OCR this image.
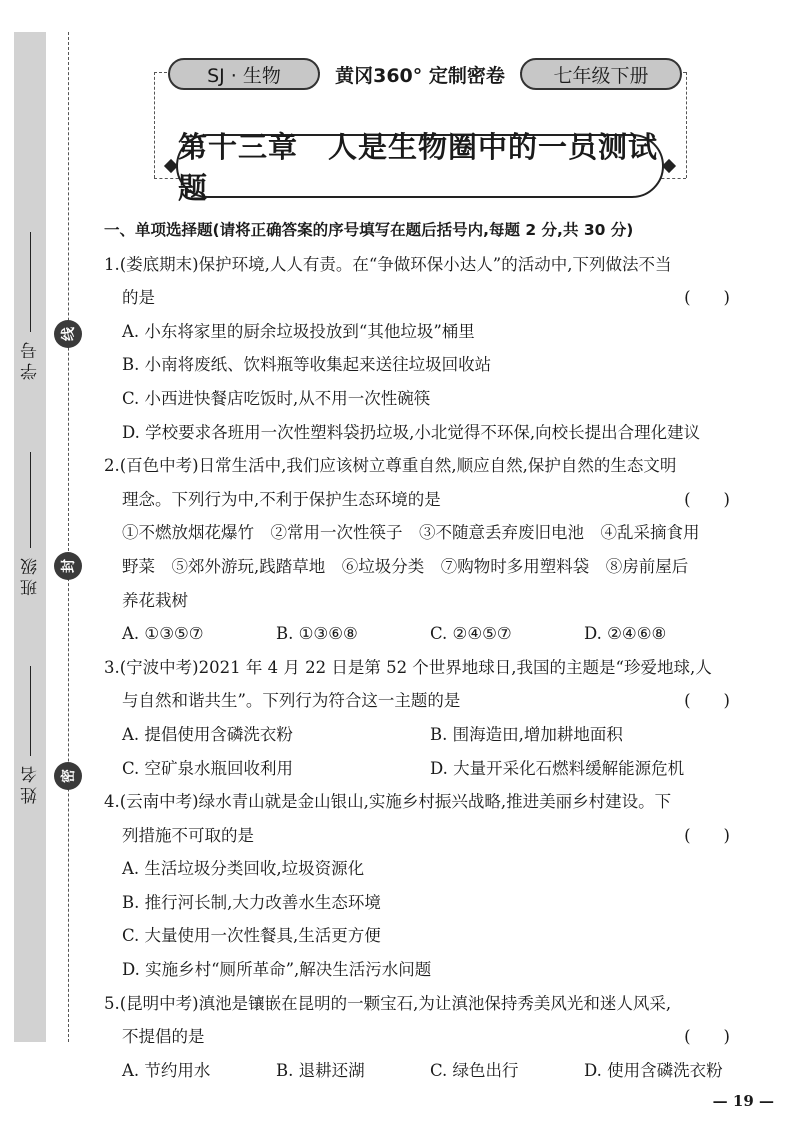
学号
班级
姓名
线
封
密
SJ · 生物	黄冈360° 定制密卷	七年级下册
第十三章　人是生物圈中的一员测试题
一、单项选择题(请将正确答案的序号填写在题后括号内,每题 2 分,共 30 分)
1.(娄底期末)保护环境,人人有责。在“争做环保小达人”的活动中,下列做法不当
的是	(　　)
A. 小东将家里的厨余垃圾投放到“其他垃圾”桶里
B. 小南将废纸、饮料瓶等收集起来送往垃圾回收站
C. 小西进快餐店吃饭时,从不用一次性碗筷
D. 学校要求各班用一次性塑料袋扔垃圾,小北觉得不环保,向校长提出合理化建议
2.(百色中考)日常生活中,我们应该树立尊重自然,顺应自然,保护自然的生态文明
理念。下列行为中,不利于保护生态环境的是	(　　)
①不燃放烟花爆竹　②常用一次性筷子　③不随意丢弃废旧电池　④乱采摘食用
野菜　⑤郊外游玩,践踏草地　⑥垃圾分类　⑦购物时多用塑料袋　⑧房前屋后
养花栽树
A. ①③⑤⑦	B. ①③⑥⑧	C. ②④⑤⑦	D. ②④⑥⑧
3.(宁波中考)2021 年 4 月 22 日是第 52 个世界地球日,我国的主题是“珍爱地球,人
与自然和谐共生”。下列行为符合这一主题的是	(　　)
A. 提倡使用含磷洗衣粉	B. 围海造田,增加耕地面积
C. 空矿泉水瓶回收利用	D. 大量开采化石燃料缓解能源危机
4.(云南中考)绿水青山就是金山银山,实施乡村振兴战略,推进美丽乡村建设。下
列措施不可取的是	(　　)
A. 生活垃圾分类回收,垃圾资源化
B. 推行河长制,大力改善水生态环境
C. 大量使用一次性餐具,生活更方便
D. 实施乡村“厕所革命”,解决生活污水问题
5.(昆明中考)滇池是镶嵌在昆明的一颗宝石,为让滇池保持秀美风光和迷人风采,
不提倡的是	(　　)
A. 节约用水	B. 退耕还湖	C. 绿色出行	D. 使用含磷洗衣粉
— 19 —
